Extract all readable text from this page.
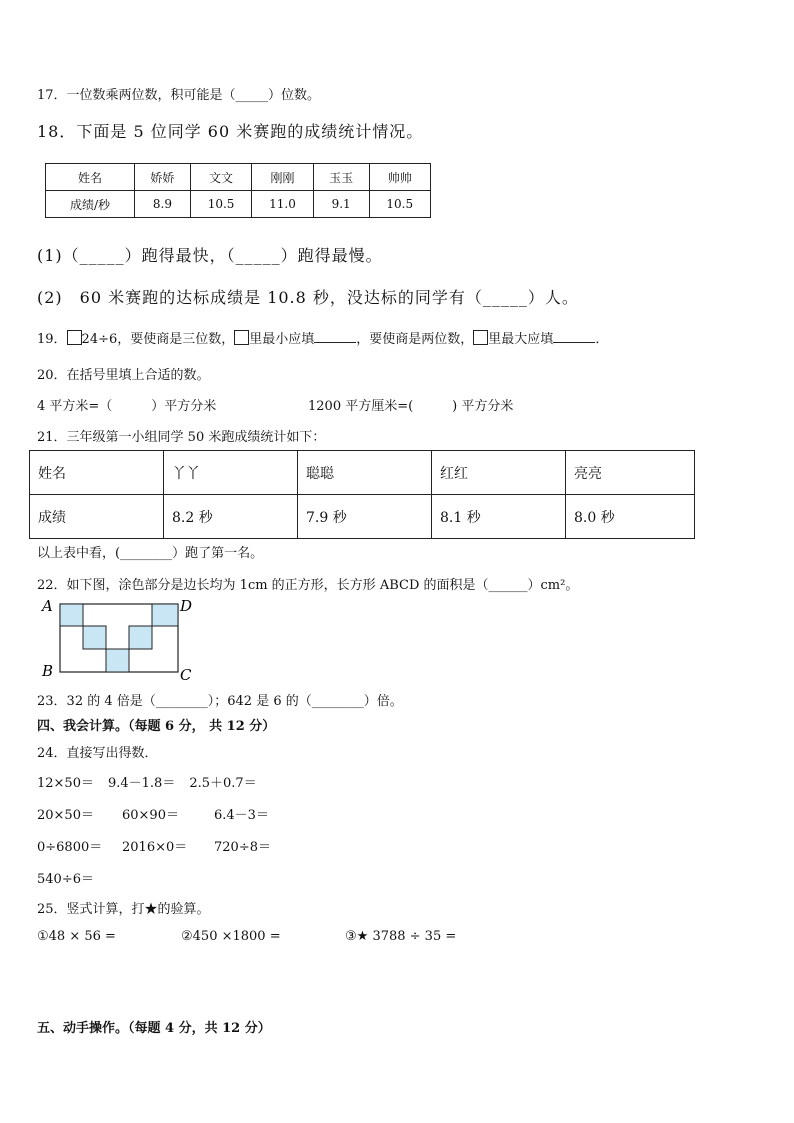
17．一位数乘两位数，积可能是（_____）位数。
18．下面是 5 位同学 60 米赛跑的成绩统计情况。
姓名	娇娇	文文	刚刚	玉玉	帅帅
成绩/秒	8.9	10.5	11.0	9.1	10.5
(1)（_____）跑得最快，（_____）跑得最慢。
(2)　60 米赛跑的达标成绩是 10.8 秒，没达标的同学有（_____）人。
19． 24÷6，要使商是三位数， 里最小应填	，要使商是两位数， 里最大应填	．
20．在括号里填上合适的数。
4 平方米=（　　　）平方分米	1200 平方厘米=(　　　) 平方分米
21．三年级第一小组同学 50 米跑成绩统计如下：
姓名	丫丫	聪聪	红红	亮亮
成绩	8.2 秒	7.9 秒	8.1 秒	8.0 秒
以上表中看，(________）跑了第一名。
22．如下图，涂色部分是边长均为 1cm 的正方形，长方形 ABCD 的面积是（______）cm²。
A
B	C
D
23．32 的 4 倍是（________）；642 是 6 的（________）倍。
四、我会计算。（每题 6 分， 共 12 分）
24．直接写出得数．
12×50＝ 9.4－1.8＝ 2.5＋0.7＝
20×50＝ 60×90＝	6.4－3＝
0÷6800＝ 2016×0＝ 720÷8＝
540÷6＝
25．竖式计算，打★的验算。
①48 × 56 =	②450 ×1800 =	③★ 3788 ÷ 35 =
五、动手操作。（每题 4 分，共 12 分）
